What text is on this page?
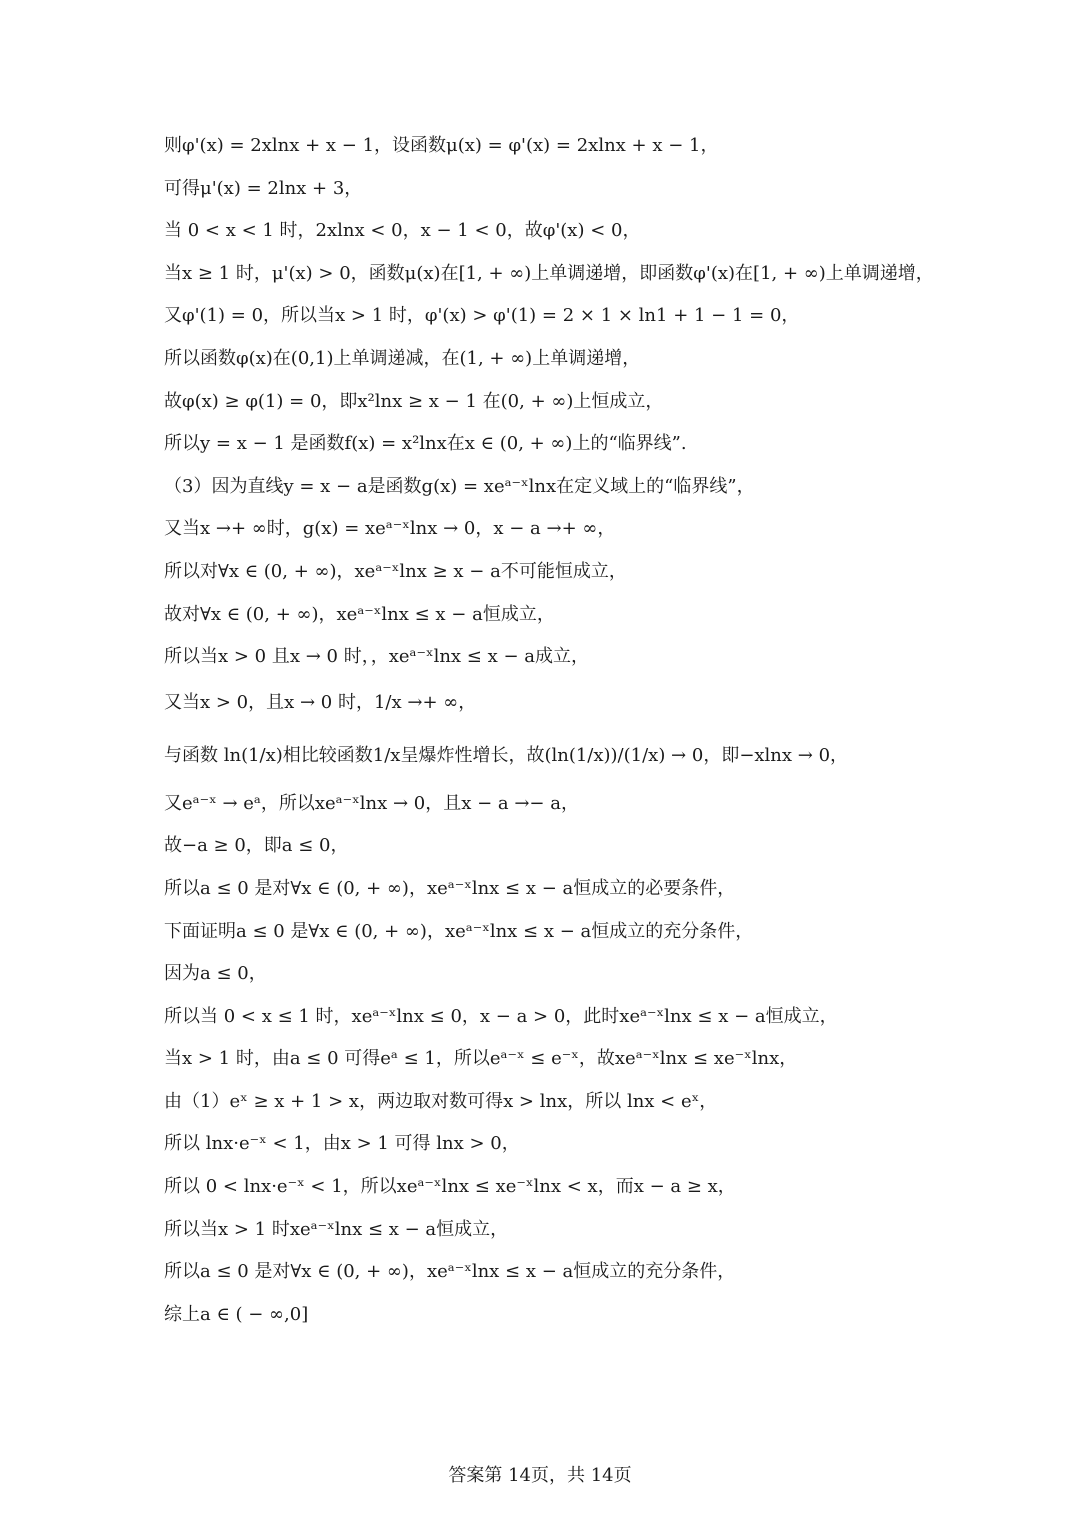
则φ'(x) = 2xlnx + x − 1，设函数μ(x) = φ'(x) = 2xlnx + x − 1，
可得μ'(x) = 2lnx + 3，
当 0 < x < 1 时，2xlnx < 0，x − 1 < 0，故φ'(x) < 0，
当x ≥ 1 时，μ'(x) > 0，函数μ(x)在[1, + ∞)上单调递增，即函数φ'(x)在[1, + ∞)上单调递增，
又φ'(1) = 0，所以当x > 1 时，φ'(x) > φ'(1) = 2 × 1 × ln1 + 1 − 1 = 0，
所以函数φ(x)在(0,1)上单调递减，在(1, + ∞)上单调递增，
故φ(x) ≥ φ(1) = 0，即x²lnx ≥ x − 1 在(0, + ∞)上恒成立，
所以y = x − 1 是函数f(x) = x²lnx在x ∈ (0, + ∞)上的“临界线”.
（3）因为直线y = x − a是函数g(x) = xeᵃ⁻ˣlnx在定义域上的“临界线”，
又当x →+ ∞时，g(x) = xeᵃ⁻ˣlnx → 0，x − a →+ ∞，
所以对∀x ∈ (0, + ∞)，xeᵃ⁻ˣlnx ≥ x − a不可能恒成立，
故对∀x ∈ (0, + ∞)，xeᵃ⁻ˣlnx ≤ x − a恒成立，
所以当x > 0 且x → 0 时，，xeᵃ⁻ˣlnx ≤ x − a成立，
又当x > 0，且x → 0 时，1/x →+ ∞，
与函数 ln(1/x)相比较函数1/x呈爆炸性增长，故(ln(1/x))/(1/x) → 0，即−xlnx → 0，
又eᵃ⁻ˣ → eᵃ，所以xeᵃ⁻ˣlnx → 0，且x − a →− a，
故−a ≥ 0，即a ≤ 0，
所以a ≤ 0 是对∀x ∈ (0, + ∞)，xeᵃ⁻ˣlnx ≤ x − a恒成立的必要条件，
下面证明a ≤ 0 是∀x ∈ (0, + ∞)，xeᵃ⁻ˣlnx ≤ x − a恒成立的充分条件，
因为a ≤ 0，
所以当 0 < x ≤ 1 时，xeᵃ⁻ˣlnx ≤ 0，x − a > 0，此时xeᵃ⁻ˣlnx ≤ x − a恒成立，
当x > 1 时，由a ≤ 0 可得eᵃ ≤ 1，所以eᵃ⁻ˣ ≤ e⁻ˣ，故xeᵃ⁻ˣlnx ≤ xe⁻ˣlnx，
由（1）eˣ ≥ x + 1 > x，两边取对数可得x > lnx，所以 lnx < eˣ，
所以 lnx·e⁻ˣ < 1，由x > 1 可得 lnx > 0，
所以 0 < lnx·e⁻ˣ < 1，所以xeᵃ⁻ˣlnx ≤ xe⁻ˣlnx < x，而x − a ≥ x，
所以当x > 1 时xeᵃ⁻ˣlnx ≤ x − a恒成立，
所以a ≤ 0 是对∀x ∈ (0, + ∞)，xeᵃ⁻ˣlnx ≤ x − a恒成立的充分条件，
综上a ∈ ( − ∞,0]
答案第 14页，共 14页
